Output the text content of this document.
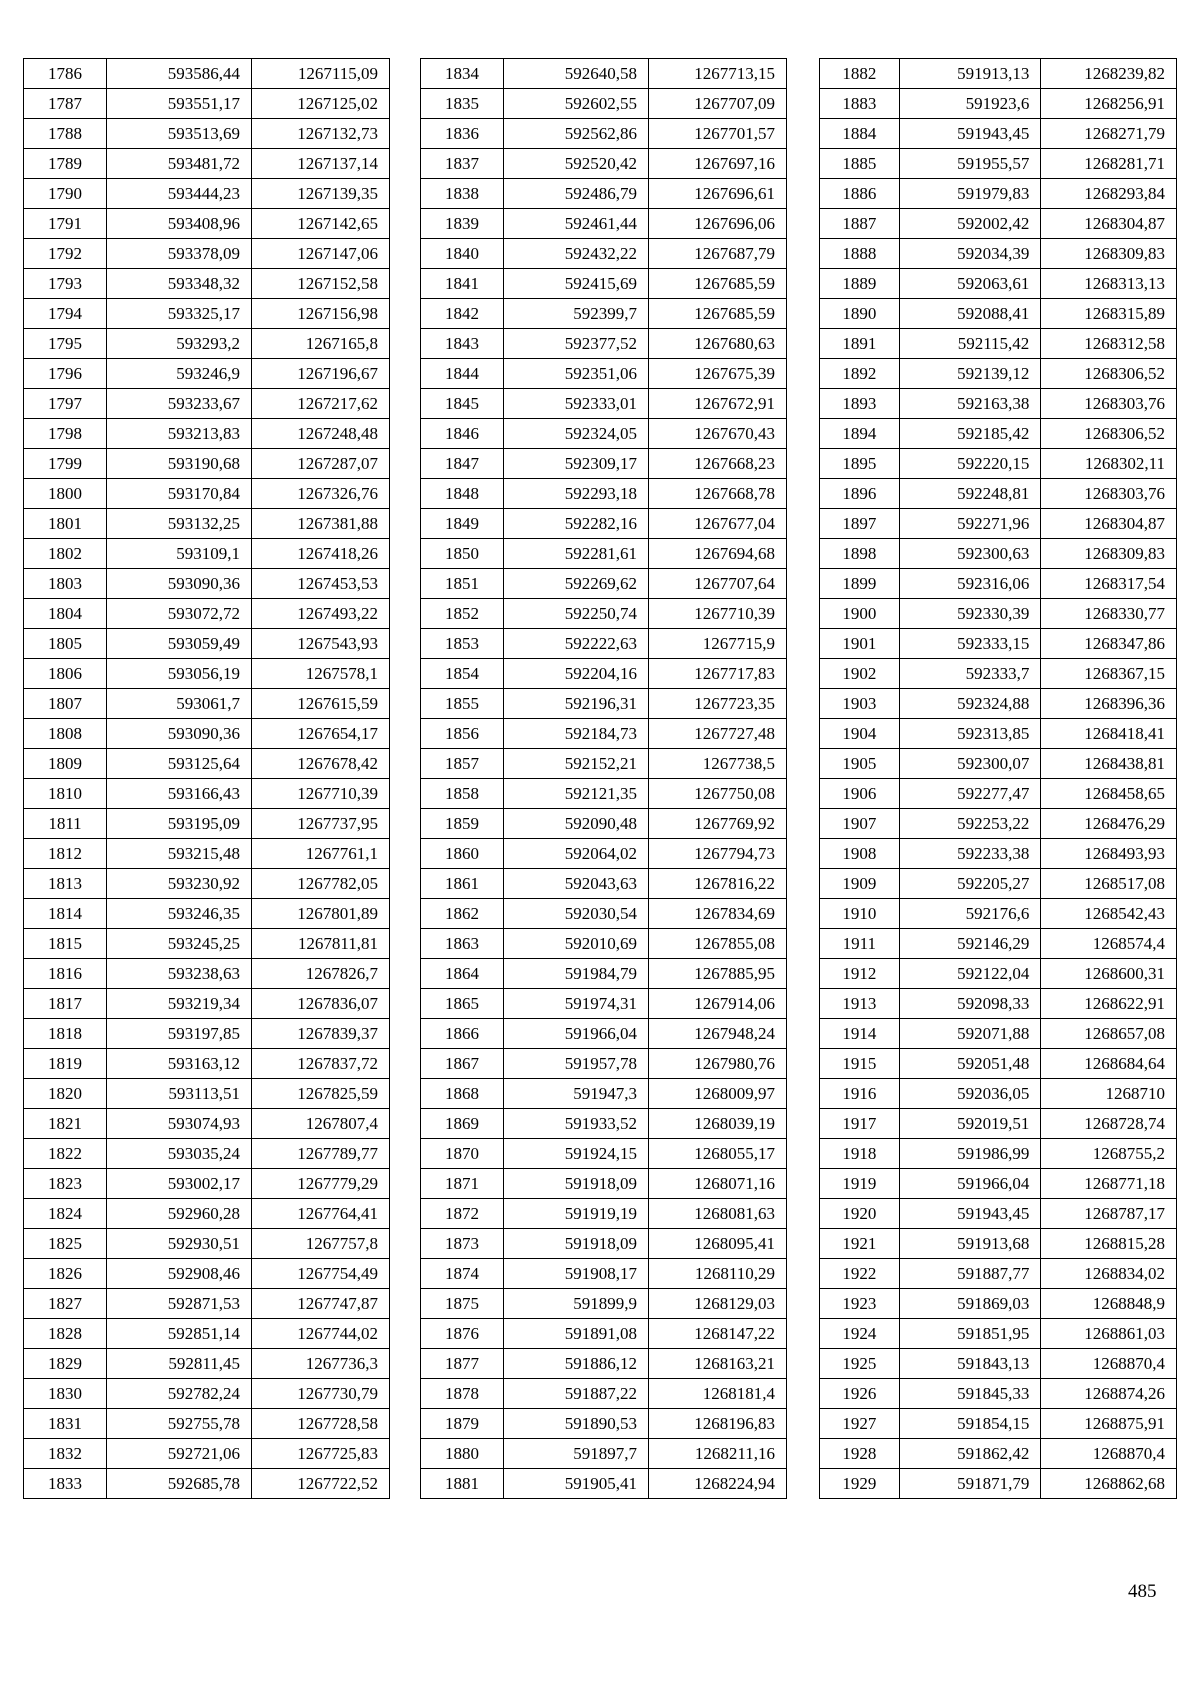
1786	593586,44	1267115,09
1787	593551,17	1267125,02
1788	593513,69	1267132,73
1789	593481,72	1267137,14
1790	593444,23	1267139,35
1791	593408,96	1267142,65
1792	593378,09	1267147,06
1793	593348,32	1267152,58
1794	593325,17	1267156,98
1795	593293,2	1267165,8
1796	593246,9	1267196,67
1797	593233,67	1267217,62
1798	593213,83	1267248,48
1799	593190,68	1267287,07
1800	593170,84	1267326,76
1801	593132,25	1267381,88
1802	593109,1	1267418,26
1803	593090,36	1267453,53
1804	593072,72	1267493,22
1805	593059,49	1267543,93
1806	593056,19	1267578,1
1807	593061,7	1267615,59
1808	593090,36	1267654,17
1809	593125,64	1267678,42
1810	593166,43	1267710,39
1811	593195,09	1267737,95
1812	593215,48	1267761,1
1813	593230,92	1267782,05
1814	593246,35	1267801,89
1815	593245,25	1267811,81
1816	593238,63	1267826,7
1817	593219,34	1267836,07
1818	593197,85	1267839,37
1819	593163,12	1267837,72
1820	593113,51	1267825,59
1821	593074,93	1267807,4
1822	593035,24	1267789,77
1823	593002,17	1267779,29
1824	592960,28	1267764,41
1825	592930,51	1267757,8
1826	592908,46	1267754,49
1827	592871,53	1267747,87
1828	592851,14	1267744,02
1829	592811,45	1267736,3
1830	592782,24	1267730,79
1831	592755,78	1267728,58
1832	592721,06	1267725,83
1833	592685,78	1267722,52
1834	592640,58	1267713,15
1835	592602,55	1267707,09
1836	592562,86	1267701,57
1837	592520,42	1267697,16
1838	592486,79	1267696,61
1839	592461,44	1267696,06
1840	592432,22	1267687,79
1841	592415,69	1267685,59
1842	592399,7	1267685,59
1843	592377,52	1267680,63
1844	592351,06	1267675,39
1845	592333,01	1267672,91
1846	592324,05	1267670,43
1847	592309,17	1267668,23
1848	592293,18	1267668,78
1849	592282,16	1267677,04
1850	592281,61	1267694,68
1851	592269,62	1267707,64
1852	592250,74	1267710,39
1853	592222,63	1267715,9
1854	592204,16	1267717,83
1855	592196,31	1267723,35
1856	592184,73	1267727,48
1857	592152,21	1267738,5
1858	592121,35	1267750,08
1859	592090,48	1267769,92
1860	592064,02	1267794,73
1861	592043,63	1267816,22
1862	592030,54	1267834,69
1863	592010,69	1267855,08
1864	591984,79	1267885,95
1865	591974,31	1267914,06
1866	591966,04	1267948,24
1867	591957,78	1267980,76
1868	591947,3	1268009,97
1869	591933,52	1268039,19
1870	591924,15	1268055,17
1871	591918,09	1268071,16
1872	591919,19	1268081,63
1873	591918,09	1268095,41
1874	591908,17	1268110,29
1875	591899,9	1268129,03
1876	591891,08	1268147,22
1877	591886,12	1268163,21
1878	591887,22	1268181,4
1879	591890,53	1268196,83
1880	591897,7	1268211,16
1881	591905,41	1268224,94
1882	591913,13	1268239,82
1883	591923,6	1268256,91
1884	591943,45	1268271,79
1885	591955,57	1268281,71
1886	591979,83	1268293,84
1887	592002,42	1268304,87
1888	592034,39	1268309,83
1889	592063,61	1268313,13
1890	592088,41	1268315,89
1891	592115,42	1268312,58
1892	592139,12	1268306,52
1893	592163,38	1268303,76
1894	592185,42	1268306,52
1895	592220,15	1268302,11
1896	592248,81	1268303,76
1897	592271,96	1268304,87
1898	592300,63	1268309,83
1899	592316,06	1268317,54
1900	592330,39	1268330,77
1901	592333,15	1268347,86
1902	592333,7	1268367,15
1903	592324,88	1268396,36
1904	592313,85	1268418,41
1905	592300,07	1268438,81
1906	592277,47	1268458,65
1907	592253,22	1268476,29
1908	592233,38	1268493,93
1909	592205,27	1268517,08
1910	592176,6	1268542,43
1911	592146,29	1268574,4
1912	592122,04	1268600,31
1913	592098,33	1268622,91
1914	592071,88	1268657,08
1915	592051,48	1268684,64
1916	592036,05	1268710
1917	592019,51	1268728,74
1918	591986,99	1268755,2
1919	591966,04	1268771,18
1920	591943,45	1268787,17
1921	591913,68	1268815,28
1922	591887,77	1268834,02
1923	591869,03	1268848,9
1924	591851,95	1268861,03
1925	591843,13	1268870,4
1926	591845,33	1268874,26
1927	591854,15	1268875,91
1928	591862,42	1268870,4
1929	591871,79	1268862,68
485
